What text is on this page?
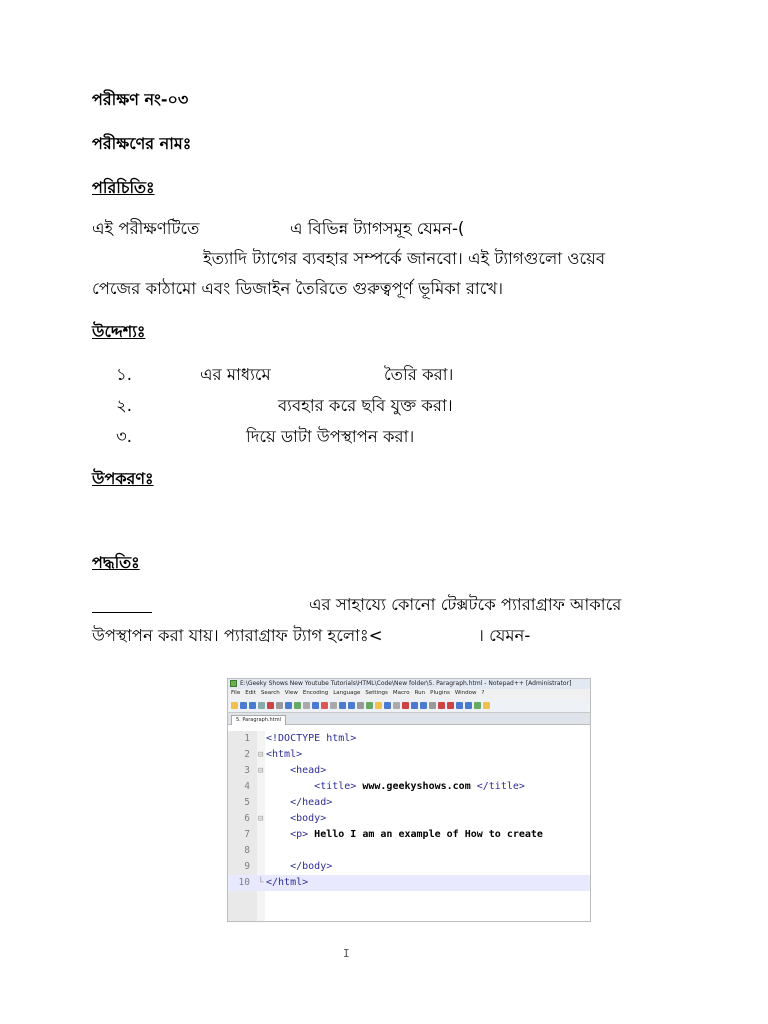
পরীক্ষণ নং-০৩
পরীক্ষণের নামঃ
পরিচিতিঃ
এই পরীক্ষণটিতে	এ বিভিন্ন ট্যাগসমূহ যেমন-(
ইত্যাদি ট্যাগের ব্যবহার সম্পর্কে জানবো। এই ট্যাগগুলো ওয়েব
পেজের কাঠামো এবং ডিজাইন তৈরিতে গুরুত্বপূর্ণ ভূমিকা রাখে।
উদ্দেশ্যঃ
১.	এর মাধ্যমে	তৈরি করা।
২.	ব্যবহার করে ছবি যুক্ত করা।
৩.	দিয়ে ডাটা উপস্থাপন করা।
উপকরণঃ
পদ্ধতিঃ
এর সাহায্যে কোনো টেক্সটকে প্যারাগ্রাফ আকারে
উপস্থাপন করা যায়। প্যারাগ্রাফ ট্যাগ হলোঃ<	। যেমন-
E:\Geeky Shows New Youtube Tutorials\HTML\Code\New folder\5. Paragraph.html - Notepad++ [Administrator]
File Edit Search View Encoding Language Settings Macro Run Plugins Window ?
5. Paragraph.html
1 <!DOCTYPE html>
2 ⊟ <html>
3 ⊟	<head>
4	<title> www.geekyshows.com </title>
5	</head>
6 ⊟	<body>
7	<p> Hello I am an example of How to create
8
9	</body>
10 └ </html>
I
